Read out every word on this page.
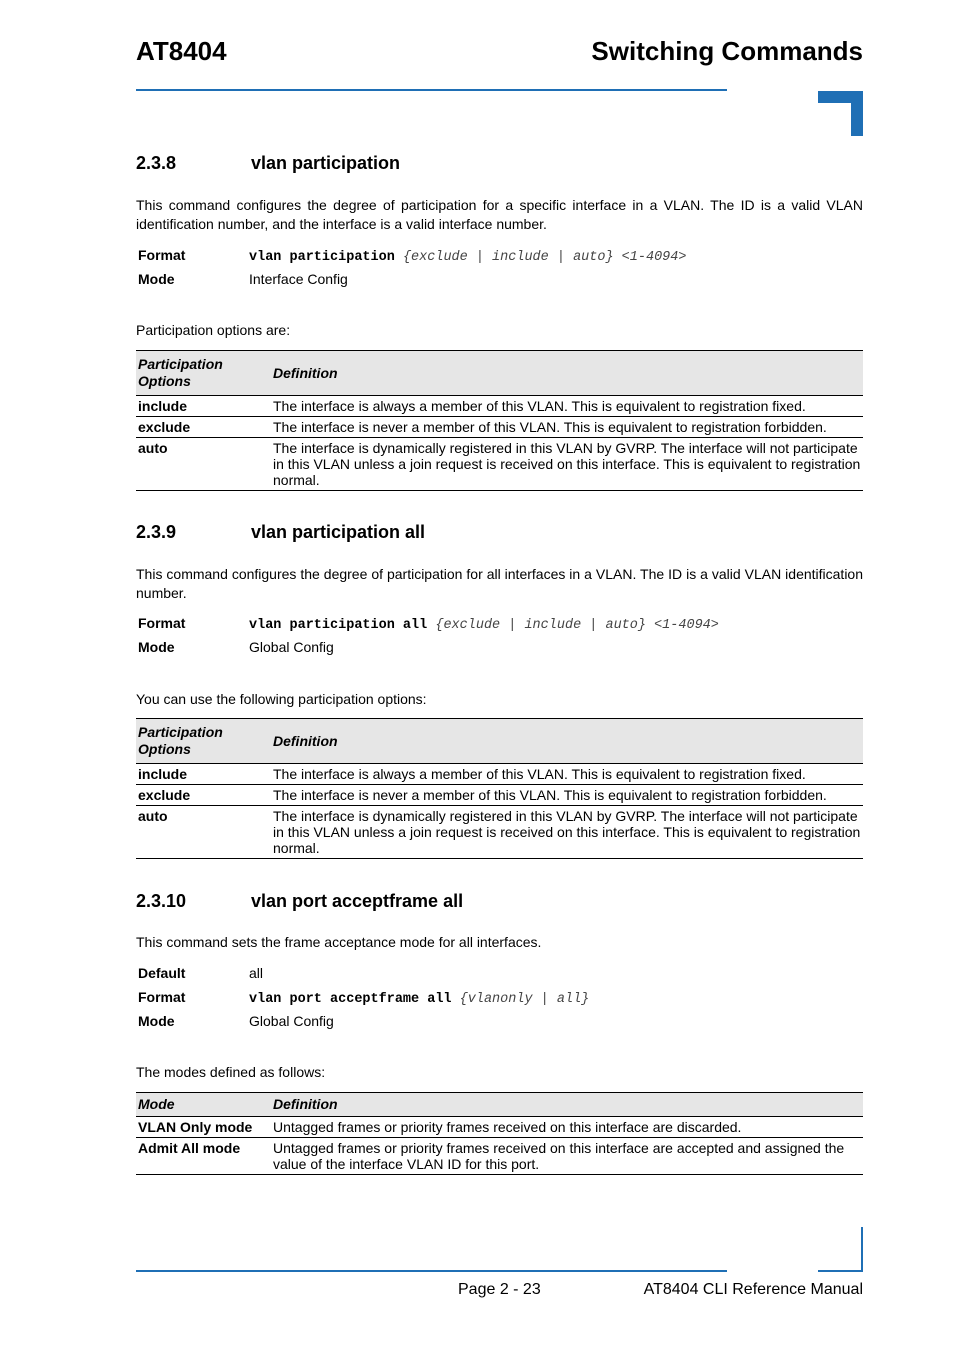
AT8404	Switching Commands
2.3.8	vlan participation
This command configures the degree of participation for a specific interface in a VLAN. The ID is a valid VLAN identification number, and the interface is a valid interface number.
Format	vlan participation {exclude | include | auto} <1-4094>
Mode	Interface Config
Participation options are:
Participation Options	Definition
include	The interface is always a member of this VLAN. This is equivalent to registration fixed.
exclude	The interface is never a member of this VLAN. This is equivalent to registration forbidden.
auto	The interface is dynamically registered in this VLAN by GVRP. The interface will not participate in this VLAN unless a join request is received on this interface. This is equivalent to registration normal.
2.3.9	vlan participation all
This command configures the degree of participation for all interfaces in a VLAN. The ID is a valid VLAN identification number.
Format	vlan participation all {exclude | include | auto} <1-4094>
Mode	Global Config
You can use the following participation options:
Participation Options	Definition
include	The interface is always a member of this VLAN. This is equivalent to registration fixed.
exclude	The interface is never a member of this VLAN. This is equivalent to registration forbidden.
auto	The interface is dynamically registered in this VLAN by GVRP. The interface will not participate in this VLAN unless a join request is received on this interface. This is equivalent to registration normal.
2.3.10	vlan port acceptframe all
This command sets the frame acceptance mode for all interfaces.
Default	all
Format	vlan port acceptframe all {vlanonly | all}
Mode	Global Config
The modes defined as follows:
Mode	Definition
VLAN Only mode	Untagged frames or priority frames received on this interface are discarded.
Admit All mode	Untagged frames or priority frames received on this interface are accepted and assigned the value of the interface VLAN ID for this port.
Page 2 - 23	AT8404 CLI Reference Manual
